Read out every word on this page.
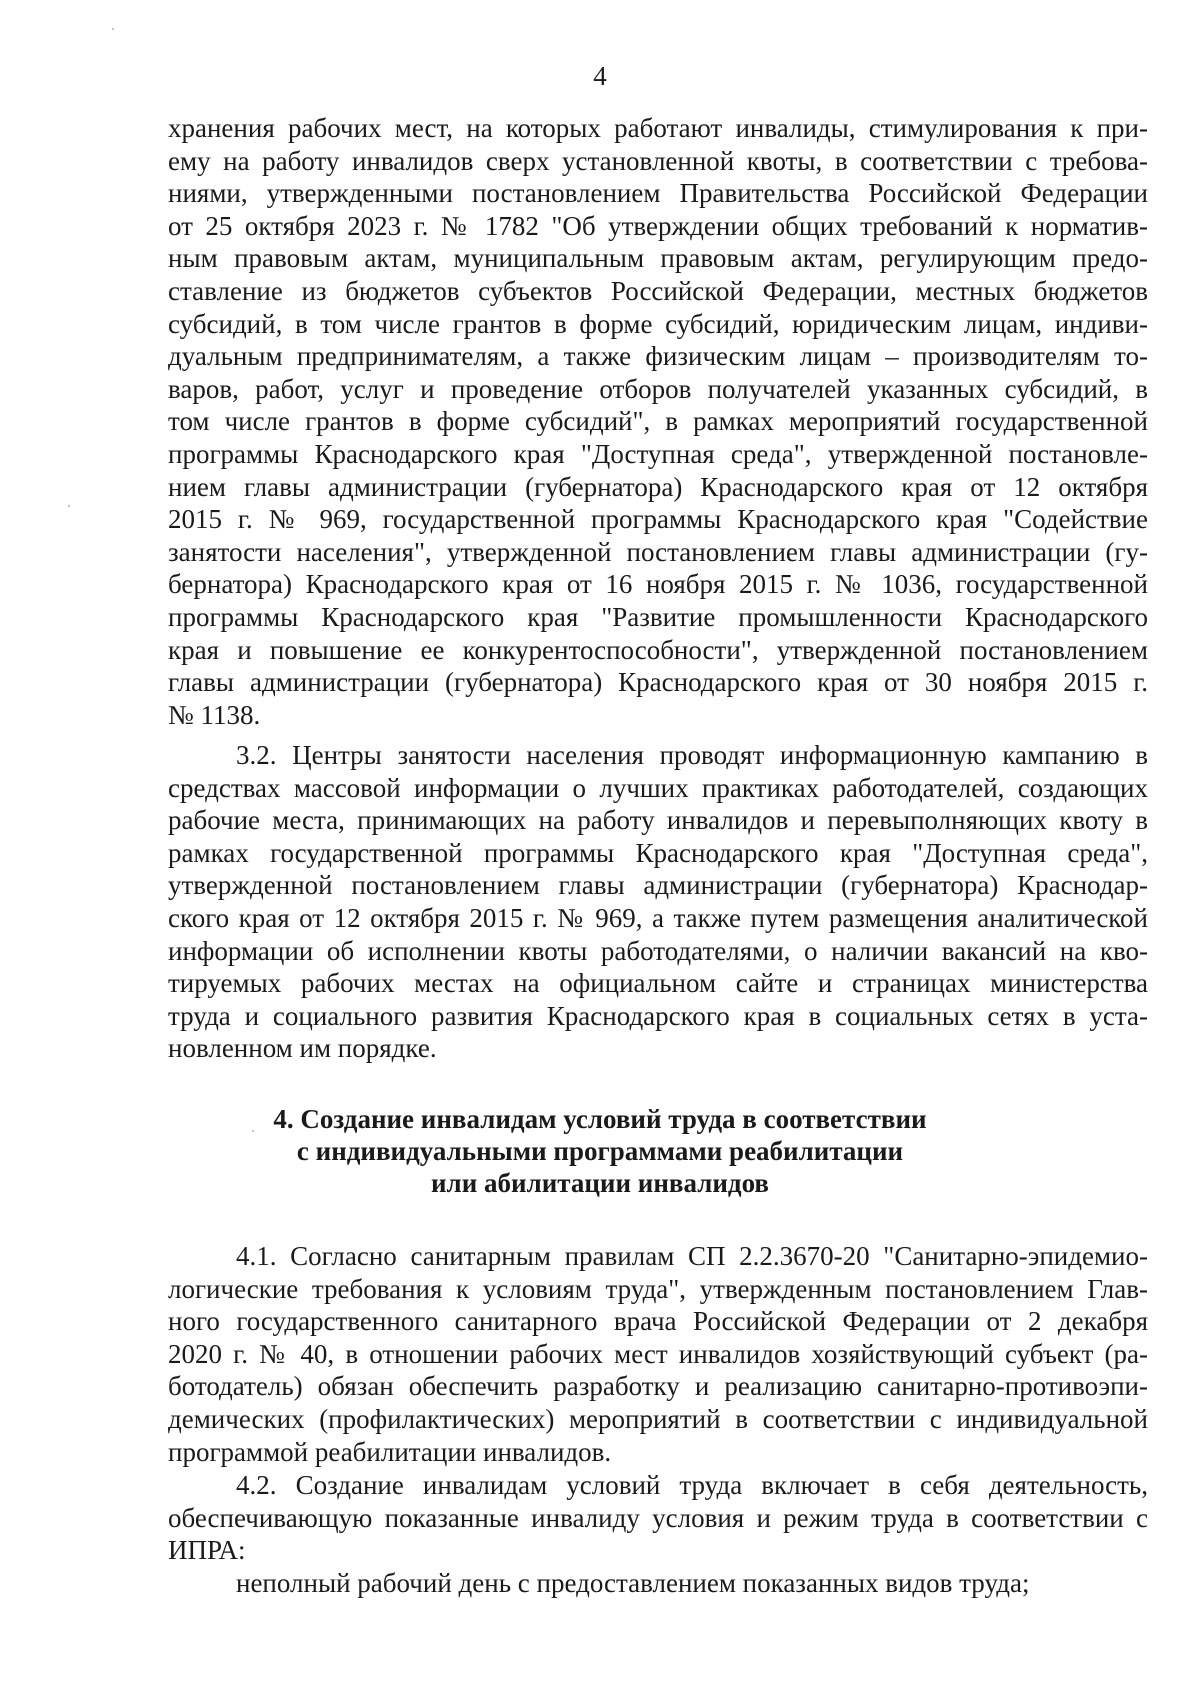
4
хранения рабочих мест, на которых работают инвалиды, стимулирования к при-
ему на работу инвалидов сверх установленной квоты, в соответствии с требова-
ниями, утвержденными постановлением Правительства Российской Федерации
от 25 октября 2023 г. № 1782 "Об утверждении общих требований к норматив-
ным правовым актам, муниципальным правовым актам, регулирующим предо-
ставление из бюджетов субъектов Российской Федерации, местных бюджетов
субсидий, в том числе грантов в форме субсидий, юридическим лицам, индиви-
дуальным предпринимателям, а также физическим лицам – производителям то-
варов, работ, услуг и проведение отборов получателей указанных субсидий, в
том числе грантов в форме субсидий", в рамках мероприятий государственной
программы Краснодарского края "Доступная среда", утвержденной постановле-
нием главы администрации (губернатора) Краснодарского края от 12 октября
2015 г. № 969, государственной программы Краснодарского края "Содействие
занятости населения", утвержденной постановлением главы администрации (гу-
бернатора) Краснодарского края от 16 ноября 2015 г. № 1036, государственной
программы Краснодарского края "Развитие промышленности Краснодарского
края и повышение ее конкурентоспособности", утвержденной постановлением
главы администрации (губернатора) Краснодарского края от 30 ноября 2015 г.
№ 1138.
3.2. Центры занятости населения проводят информационную кампанию в
средствах массовой информации о лучших практиках работодателей, создающих
рабочие места, принимающих на работу инвалидов и перевыполняющих квоту в
рамках государственной программы Краснодарского края "Доступная среда",
утвержденной постановлением главы администрации (губернатора) Краснодар-
ского края от 12 октября 2015 г. № 969, а также путем размещения аналитической
информации об исполнении квоты работодателями, о наличии вакансий на кво-
тируемых рабочих местах на официальном сайте и страницах министерства
труда и социального развития Краснодарского края в социальных сетях в уста-
новленном им порядке.
4. Создание инвалидам условий труда в соответствии
с индивидуальными программами реабилитации
или абилитации инвалидов
4.1. Согласно санитарным правилам СП 2.2.3670-20 "Санитарно-эпидемио-
логические требования к условиям труда", утвержденным постановлением Глав-
ного государственного санитарного врача Российской Федерации от 2 декабря
2020 г. № 40, в отношении рабочих мест инвалидов хозяйствующий субъект (ра-
ботодатель) обязан обеспечить разработку и реализацию санитарно-противоэпи-
демических (профилактических) мероприятий в соответствии с индивидуальной
программой реабилитации инвалидов.
4.2. Создание инвалидам условий труда включает в себя деятельность,
обеспечивающую показанные инвалиду условия и режим труда в соответствии с
ИПРА:
неполный рабочий день с предоставлением показанных видов труда;
